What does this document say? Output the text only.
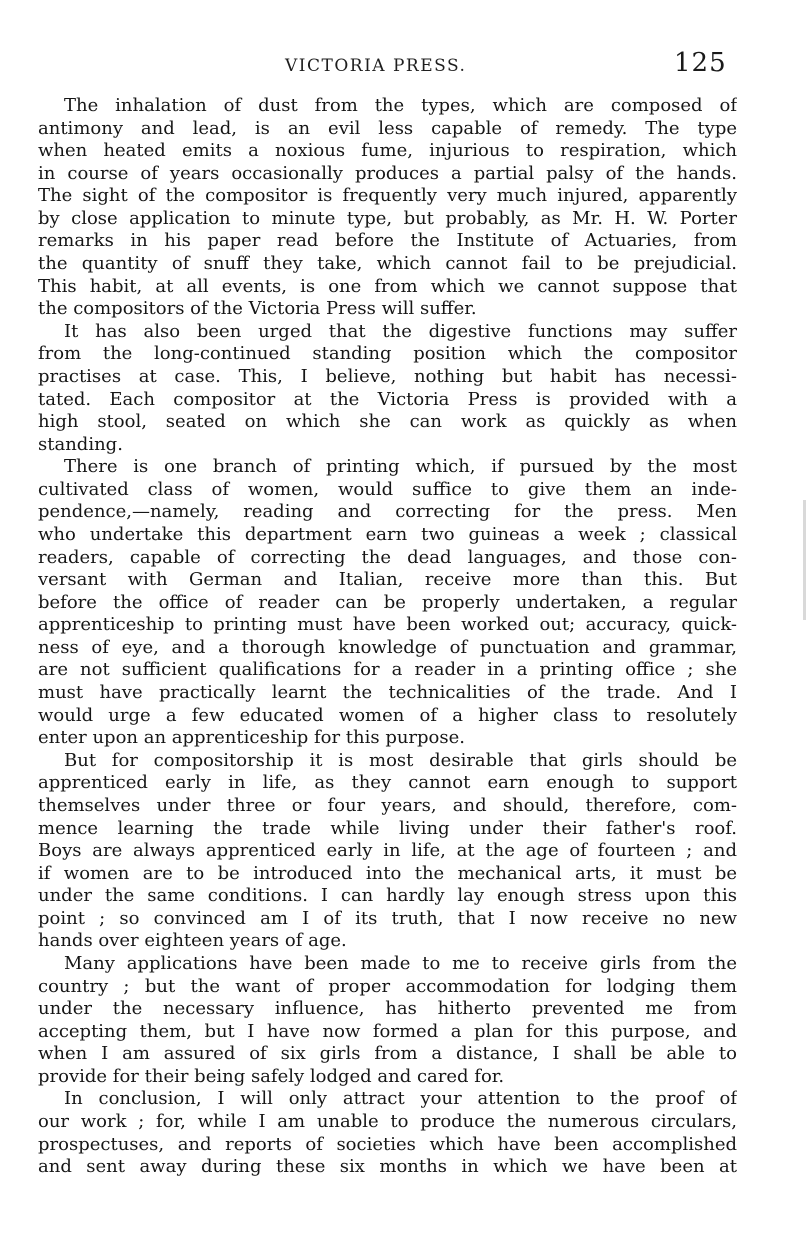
VICTORIA PRESS.	125
The inhalation of dust from the types, which are composed of
antimony and lead, is an evil less capable of remedy. The type
when heated emits a noxious fume, injurious to respiration, which
in course of years occasionally produces a partial palsy of the hands.
The sight of the compositor is frequently very much injured, apparently
by close application to minute type, but probably, as Mr. H. W. Porter
remarks in his paper read before the Institute of Actuaries, from
the quantity of snuff they take, which cannot fail to be prejudicial.
This habit, at all events, is one from which we cannot suppose that
the compositors of the Victoria Press will suffer.
It has also been urged that the digestive functions may suffer
from the long-continued standing position which the compositor
practises at case. This, I believe, nothing but habit has necessi-
tated. Each compositor at the Victoria Press is provided with a
high stool, seated on which she can work as quickly as when
standing.
There is one branch of printing which, if pursued by the most
cultivated class of women, would suffice to give them an inde-
pendence,—namely, reading and correcting for the press. Men
who undertake this department earn two guineas a week ; classical
readers, capable of correcting the dead languages, and those con-
versant with German and Italian, receive more than this. But
before the office of reader can be properly undertaken, a regular
apprenticeship to printing must have been worked out; accuracy, quick-
ness of eye, and a thorough knowledge of punctuation and grammar,
are not sufficient qualifications for a reader in a printing office ; she
must have practically learnt the technicalities of the trade. And I
would urge a few educated women of a higher class to resolutely
enter upon an apprenticeship for this purpose.
But for compositorship it is most desirable that girls should be
apprenticed early in life, as they cannot earn enough to support
themselves under three or four years, and should, therefore, com-
mence learning the trade while living under their father's roof.
Boys are always apprenticed early in life, at the age of fourteen ; and
if women are to be introduced into the mechanical arts, it must be
under the same conditions. I can hardly lay enough stress upon this
point ; so convinced am I of its truth, that I now receive no new
hands over eighteen years of age.
Many applications have been made to me to receive girls from the
country ; but the want of proper accommodation for lodging them
under the necessary influence, has hitherto prevented me from
accepting them, but I have now formed a plan for this purpose, and
when I am assured of six girls from a distance, I shall be able to
provide for their being safely lodged and cared for.
In conclusion, I will only attract your attention to the proof of
our work ; for, while I am unable to produce the numerous circulars,
prospectuses, and reports of societies which have been accomplished
and sent away during these six months in which we have been at
